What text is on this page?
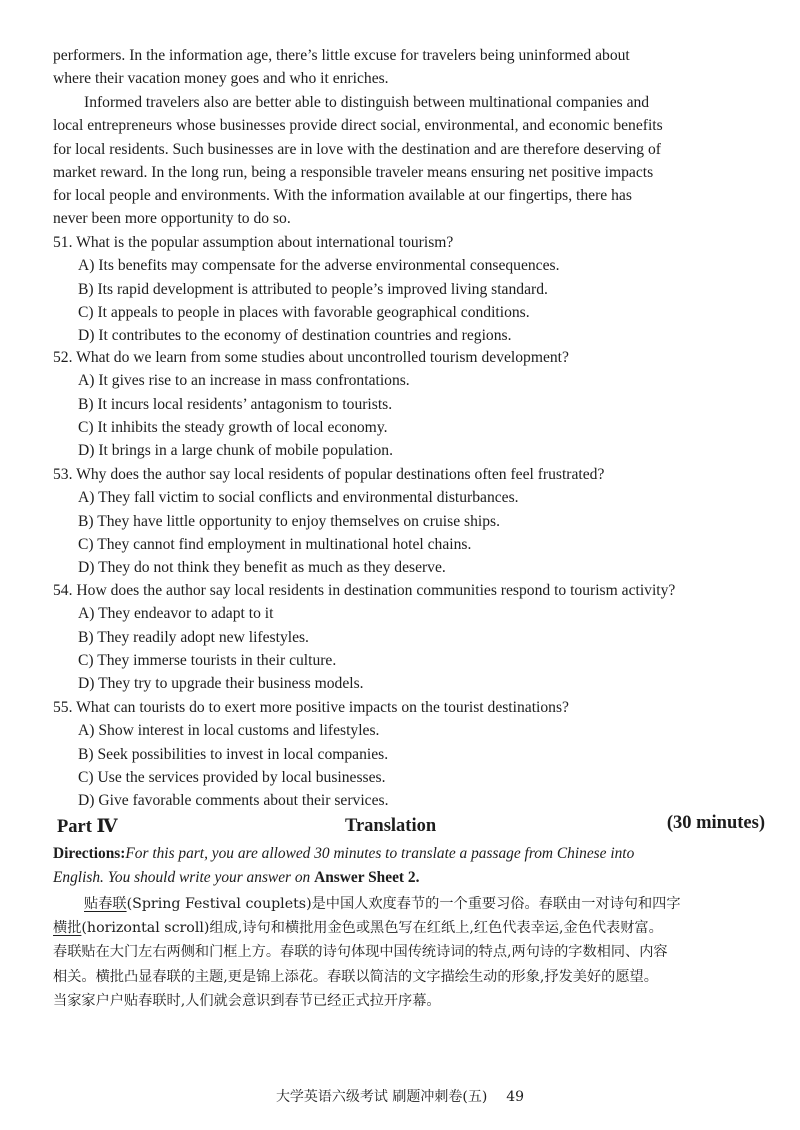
performers. In the information age, there’s little excuse for travelers being uninformed about
where their vacation money goes and who it enriches.
Informed travelers also are better able to distinguish between multinational companies and
local entrepreneurs whose businesses provide direct social, environmental, and economic benefits
for local residents. Such businesses are in love with the destination and are therefore deserving of
market reward. In the long run, being a responsible traveler means ensuring net positive impacts
for local people and environments. With the information available at our fingertips, there has
never been more opportunity to do so.
51. What is the popular assumption about international tourism?
A) Its benefits may compensate for the adverse environmental consequences.
B) Its rapid development is attributed to people’s improved living standard.
C) It appeals to people in places with favorable geographical conditions.
D) It contributes to the economy of destination countries and regions.
52. What do we learn from some studies about uncontrolled tourism development?
A) It gives rise to an increase in mass confrontations.
B) It incurs local residents’ antagonism to tourists.
C) It inhibits the steady growth of local economy.
D) It brings in a large chunk of mobile population.
53. Why does the author say local residents of popular destinations often feel frustrated?
A) They fall victim to social conflicts and environmental disturbances.
B) They have little opportunity to enjoy themselves on cruise ships.
C) They cannot find employment in multinational hotel chains.
D) They do not think they benefit as much as they deserve.
54. How does the author say local residents in destination communities respond to tourism activity?
A) They endeavor to adapt to it
B) They readily adopt new lifestyles.
C) They immerse tourists in their culture.
D) They try to upgrade their business models.
55. What can tourists do to exert more positive impacts on the tourist destinations?
A) Show interest in local customs and lifestyles.
B) Seek possibilities to invest in local companies.
C) Use the services provided by local businesses.
D) Give favorable comments about their services.
Part Ⅳ	Translation	(30 minutes)
Directions:For this part, you are allowed 30 minutes to translate a passage from Chinese into
English. You should write your answer on Answer Sheet 2.
贴春联(Spring Festival couplets)是中国人欢度春节的一个重要习俗。春联由一对诗句和四字
横批(horizontal scroll)组成,诗句和横批用金色或黑色写在红纸上,红色代表幸运,金色代表财富。
春联贴在大门左右两侧和门框上方。春联的诗句体现中国传统诗词的特点,两句诗的字数相同、内容
相关。横批凸显春联的主题,更是锦上添花。春联以简洁的文字描绘生动的形象,抒发美好的愿望。
当家家户户贴春联时,人们就会意识到春节已经正式拉开序幕。
大学英语六级考试 刷题冲刺卷(五) 49
